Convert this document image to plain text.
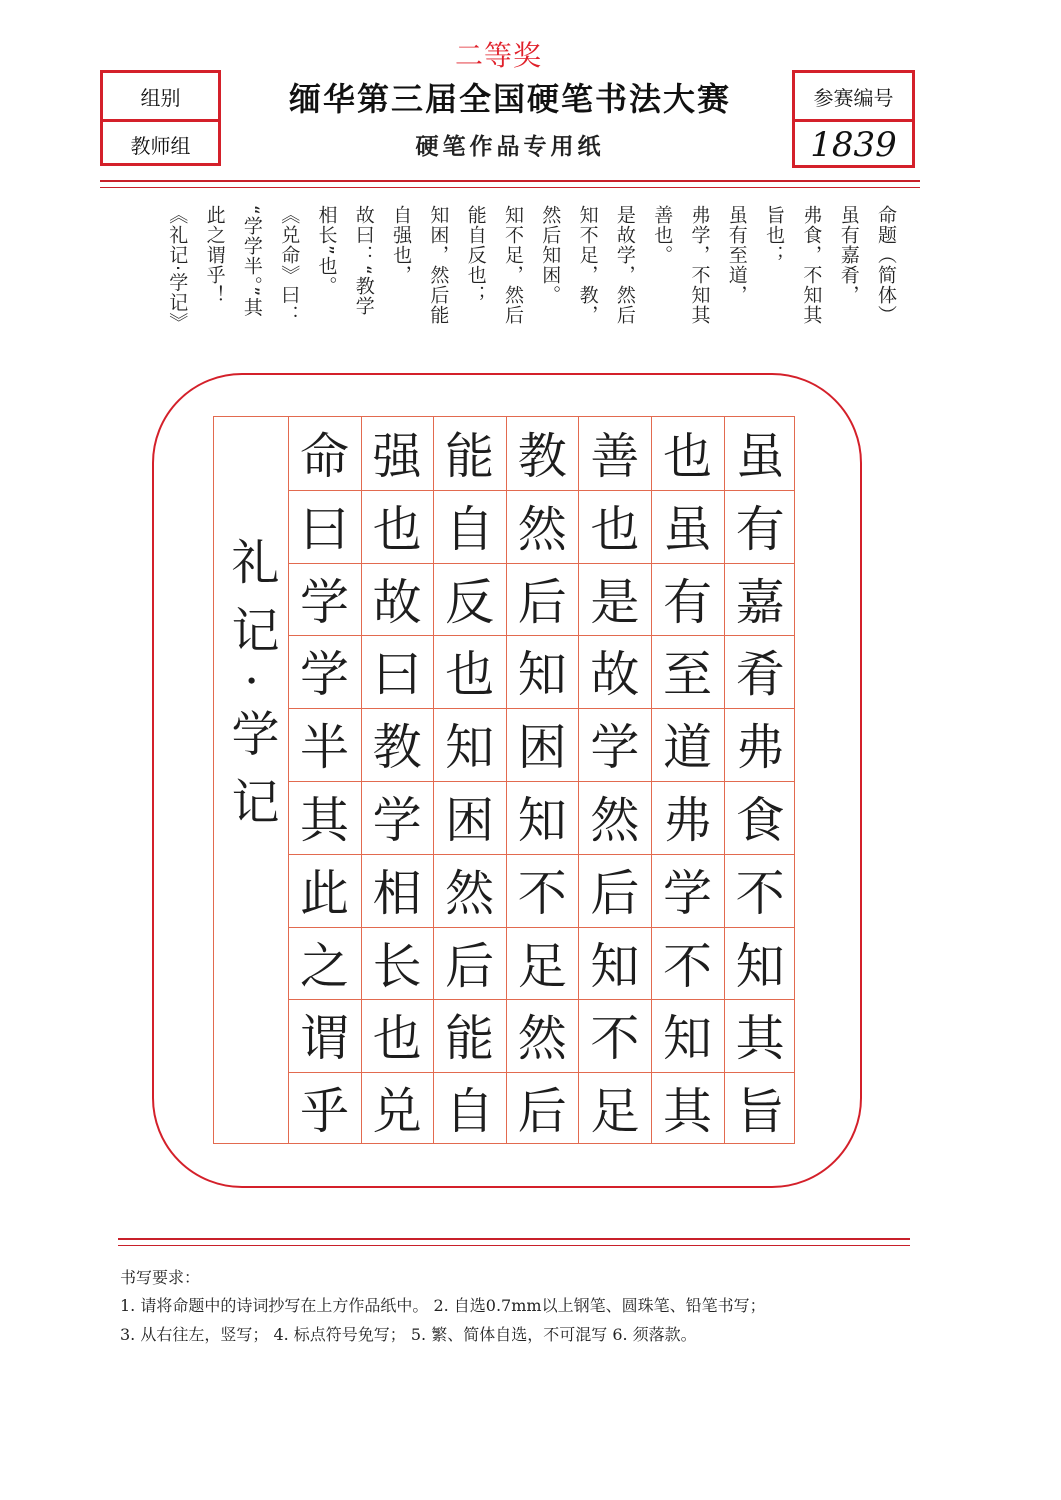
二等奖
组别
教师组
缅华第三届全国硬笔书法大赛
硬笔作品专用纸
参赛编号
1839
命题（简体）
虽有嘉肴，
弗食，不知其
旨也；
虽有至道，
弗学，不知其
善也。
是故学，然后
知不足，教，
然后知困。
知不足，然后
能自反也；
知困，然后能
自强也，
故曰：“教学
相长”也。
《兑命》曰：
“学学半。”其
此之谓乎！
《礼记·学记》
礼记·学记
虽
有
嘉
肴
弗
食
不
知
其
旨
也
虽
有
至
道
弗
学
不
知
其
善
也
是
故
学
然
后
知
不
足
教
然
后
知
困
知
不
足
然
后
能
自
反
也
知
困
然
后
能
自
强
也
故
曰
教
学
相
长
也
兑
命
曰
学
学
半
其
此
之
谓
乎
书写要求：
1. 请将命题中的诗词抄写在上方作品纸中。 2. 自选0.7mm以上钢笔、圆珠笔、铅笔书写；
3. 从右往左，竖写； 4. 标点符号免写； 5. 繁、简体自选，不可混写 6. 须落款。
